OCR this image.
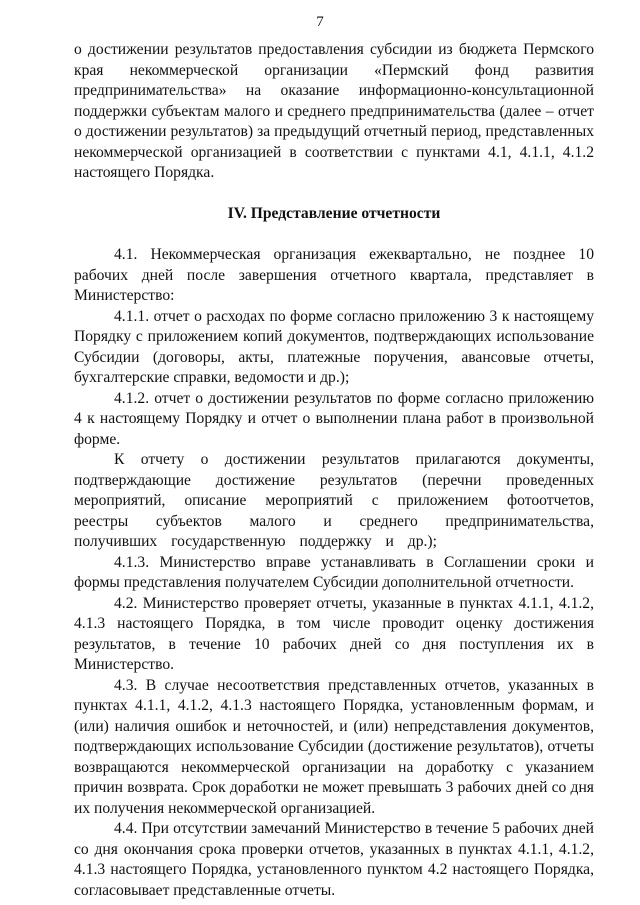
7

о достижении результатов предоставления субсидии из бюджета Пермского края некоммерческой организации «Пермский фонд развития предпринимательства» на оказание информационно-консультационной поддержки субъектам малого и среднего предпринимательства (далее – отчет о достижении результатов) за предыдущий отчетный период, представленных некоммерческой организацией в соответствии с пунктами 4.1, 4.1.1, 4.1.2 настоящего Порядка.

IV. Представление отчетности

4.1. Некоммерческая организация ежеквартально, не позднее 10 рабочих дней после завершения отчетного квартала, представляет в Министерство:

4.1.1. отчет о расходах по форме согласно приложению 3 к настоящему Порядку с приложением копий документов, подтверждающих использование Субсидии (договоры, акты, платежные поручения, авансовые отчеты, бухгалтерские справки, ведомости и др.);

4.1.2. отчет о достижении результатов по форме согласно приложению 4 к настоящему Порядку и отчет о выполнении плана работ в произвольной форме.

К отчету о достижении результатов прилагаются документы, подтверждающие достижение результатов (перечни проведенных мероприятий, описание мероприятий с приложением фотоотчетов, реестры субъектов малого и среднего предпринимательства, получивших государственную поддержку и др.);

4.1.3. Министерство вправе устанавливать в Соглашении сроки и формы представления получателем Субсидии дополнительной отчетности.

4.2. Министерство проверяет отчеты, указанные в пунктах 4.1.1, 4.1.2, 4.1.3 настоящего Порядка, в том числе проводит оценку достижения результатов, в течение 10 рабочих дней со дня поступления их в Министерство.

4.3. В случае несоответствия представленных отчетов, указанных в пунктах 4.1.1, 4.1.2, 4.1.3 настоящего Порядка, установленным формам, и (или) наличия ошибок и неточностей, и (или) непредставления документов, подтверждающих использование Субсидии (достижение результатов), отчеты возвращаются некоммерческой организации на доработку с указанием причин возврата. Срок доработки не может превышать 3 рабочих дней со дня их получения некоммерческой организацией.

4.4. При отсутствии замечаний Министерство в течение 5 рабочих дней со дня окончания срока проверки отчетов, указанных в пунктах 4.1.1, 4.1.2, 4.1.3 настоящего Порядка, установленного пунктом 4.2 настоящего Порядка, согласовывает представленные отчеты.
